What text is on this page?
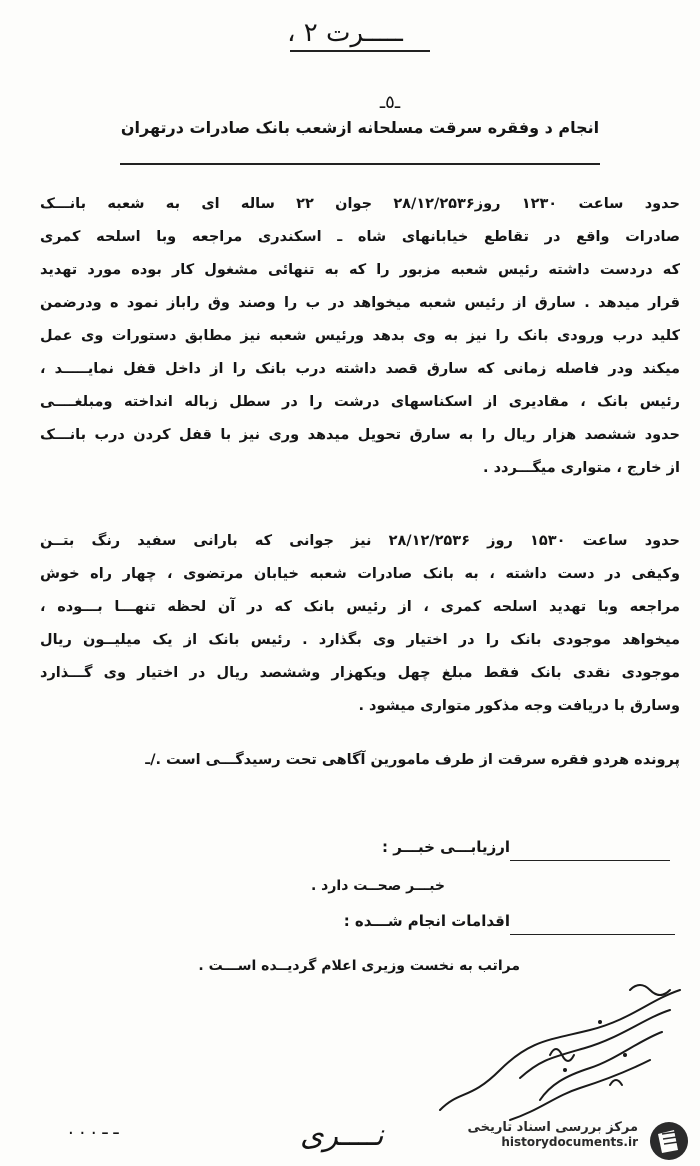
ـــــرت ۲ ،
ـ٥ـ
انجام د وفقره سرقت مسلحانه ازشعب بانک صادرات درتهران
حدود ساعت ۱۲۳۰ روز۲۸/۱۲/۲۵۳۶ جوان ۲۲ ساله ای به شعبه بانـــک
صادرات واقع در تقاطع خیابانهای شاه ـ اسکندری مراجعه وبا اسلحه کمری
که دردست داشته رئیس شعبه مزبور را که به تنهائی مشغول کار بوده مورد تهدید
قرار میدهد . سارق از رئیس شعبه میخواهد در ب را وصند وق راباز نمود ه ودرضمن
کلید درب ورودی بانک را نیز به وی بدهد ورئیس شعبه نیز مطابق دستورات وی عمل
میکند ودر فاصله زمانی که سارق قصد داشته درب بانک را از داخل قفل نمایـــــد ،
رئیس بانک ، مقادیری از اسکناسهای درشت را در سطل زباله انداخته ومبلغــــی
حدود ششصد هزار ریال را به سارق تحویل میدهد وری نیز با قفل کردن درب بانـــک
از خارج ، متواری میگـــردد .
حدود ساعت ۱۵۳۰ روز ۲۸/۱۲/۲۵۳۶ نیز جوانی که بارانی سفید رنگ بتــن
وکیفی در دست داشته ، به بانک صادرات شعبه خیابان مرتضوی ، چهار راه خوش
مراجعه وبا تهدید اسلحه کمری ، از رئیس بانک که در آن لحظه تنهـــا بـــوده ،
میخواهد موجودی بانک را در اختیار وی بگذارد . رئیس بانک از یک میلیــون ریال
موجودی نقدی بانک فقط مبلغ چهل ویکهزار وششصد ریال در اختیار وی گـــذارد
وسارق با دریافت وجه مذکور متواری میشود .
پرونده هردو فقره سرقت از طرف مامورین آگاهی تحت رسیدگـــی است ./ـ
ارزیابـــی خبـــر :
خبـــر صحــت دارد .
اقدامات انجام شـــده :
مراتب به نخست وزیری اعلام گردیــده اســـت .
. . . ـ ـ	نــــری	مرکز بررسی اسناد تاریخی
historydocuments.ir
